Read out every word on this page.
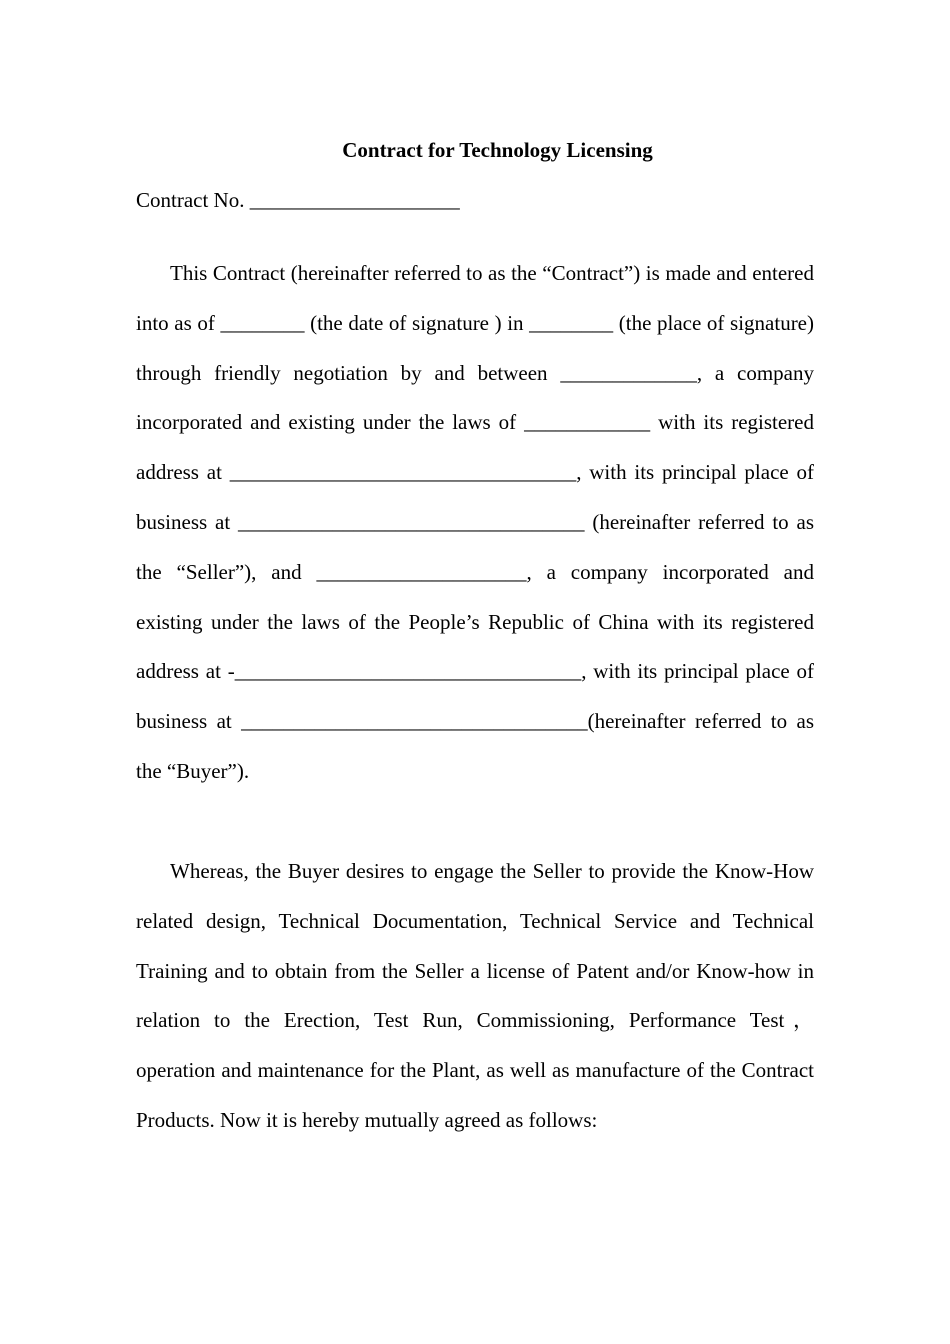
Contract for Technology Licensing

Contract No. ____________________

This Contract (hereinafter referred to as the “Contract”) is made and entered into as of ________ (the date of signature ) in ________ (the place of signature) through friendly negotiation by and between _____________, a company incorporated and existing under the laws of ____________ with its registered address at _________________________________, with its principal place of business at _________________________________ (hereinafter referred to as the “Seller”), and ____________________, a company incorporated and existing under the laws of the People’s Republic of China with its registered address at -_________________________________, with its principal place of business at _________________________________(hereinafter referred to as the “Buyer”).

Whereas, the Buyer desires to engage the Seller to provide the Know-How related design, Technical Documentation, Technical Service and Technical Training and to obtain from the Seller a license of Patent and/or Know-how in relation to the Erection, Test Run, Commissioning, Performance Test， operation and maintenance for the Plant, as well as manufacture of the Contract Products. Now it is hereby mutually agreed as follows:
